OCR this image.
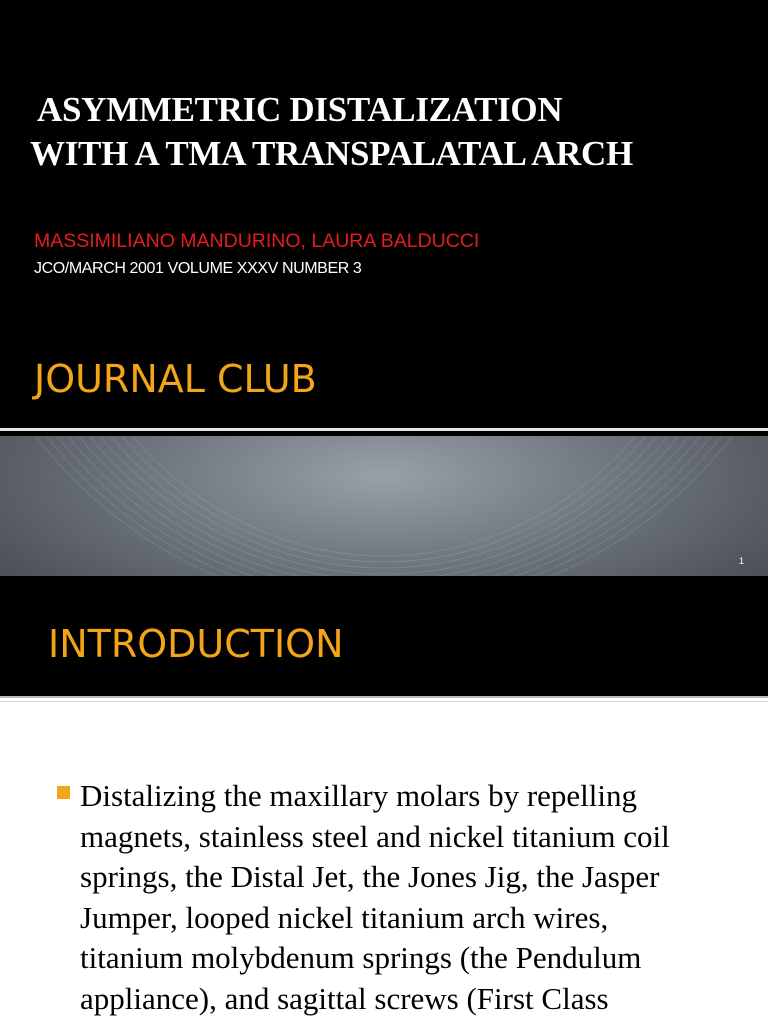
ASYMMETRIC DISTALIZATION
WITH A TMA TRANSPALATAL ARCH
MASSIMILIANO MANDURINO, LAURA BALDUCCI
JCO/MARCH 2001 VOLUME XXXV NUMBER 3
JOURNAL CLUB
1
INTRODUCTION
Distalizing the maxillary molars by repelling
magnets, stainless steel and nickel titanium coil
springs, the Distal Jet, the Jones Jig, the Jasper
Jumper, looped nickel titanium arch wires,
titanium molybdenum springs (the Pendulum
appliance), and sagittal screws (First Class
